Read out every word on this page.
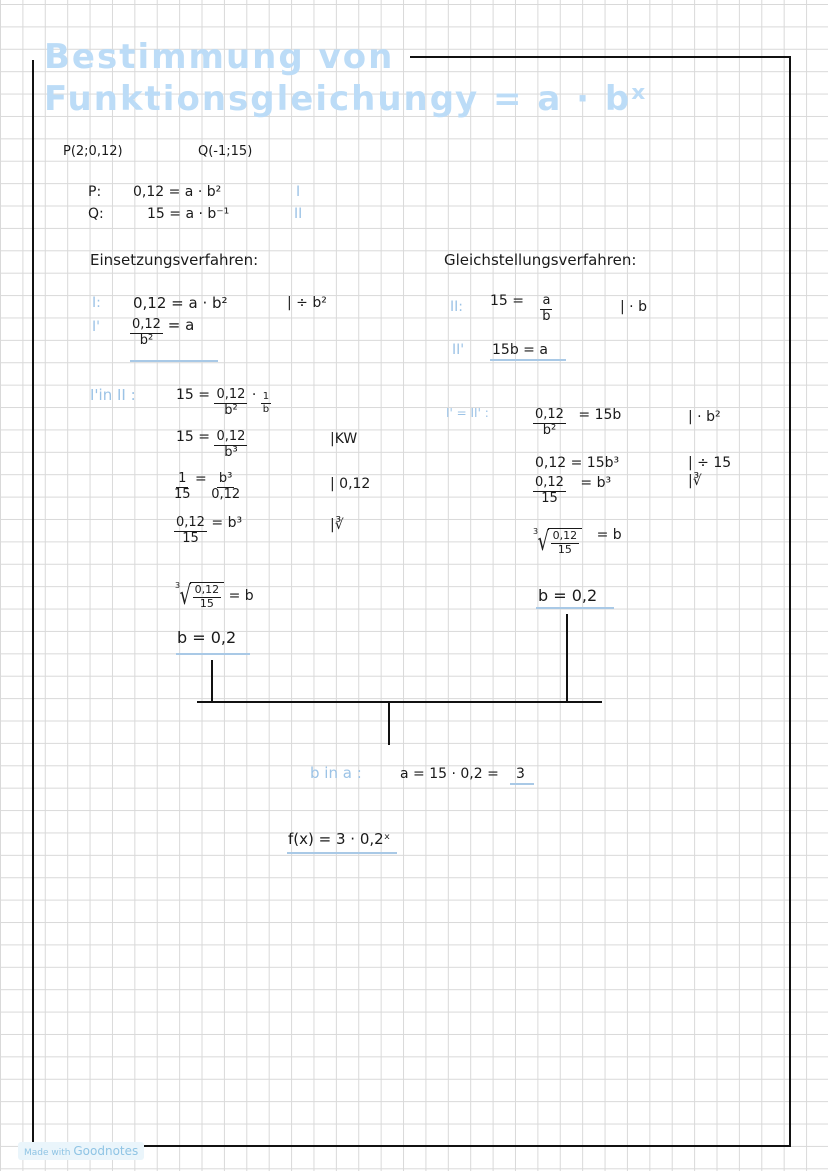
Bestimmung von
Funktionsgleichung
y = a · bˣ
P(2;0,12)	Q(-1;15)
P: 0,12 = a · b²	I
Q:	15 = a · b⁻¹	II
Einsetzungsverfahren:
I: 0,12 = a · b²	| ÷ b²
$I' \frac{0,12}{\text{b²}} = a$
I'in II :	$15 = \frac{0,12}{\text{b²}} \cdot \frac{1}{b}$
$15 = \frac{0,12}{\text{b³}}$	|KW
$\frac{1}{15} = \frac{\text{b³}}{0,12}$	| 0,12
$\frac{0,12}{15} = b^3$	|∛
3 √ $\frac{0,12}{15} = b$
b = 0,2
Gleichstellungsverfahren:
II: $15 = \frac{a}{b}$	| · b
II' 15b = a
I' = II' :	$\frac{0,12}{\text{b²}} = 15b$	| · b²
0,12 = 15b³	| ÷ 15
$\frac{0,12}{15} = b^3$	|∛
3 √ $\frac{0,12}{15} = b$
b = 0,2
b in a :	a = 15 · 0,2 = 3
f(x) = 3 · 0,2ˣ
Made with Goodnotes
